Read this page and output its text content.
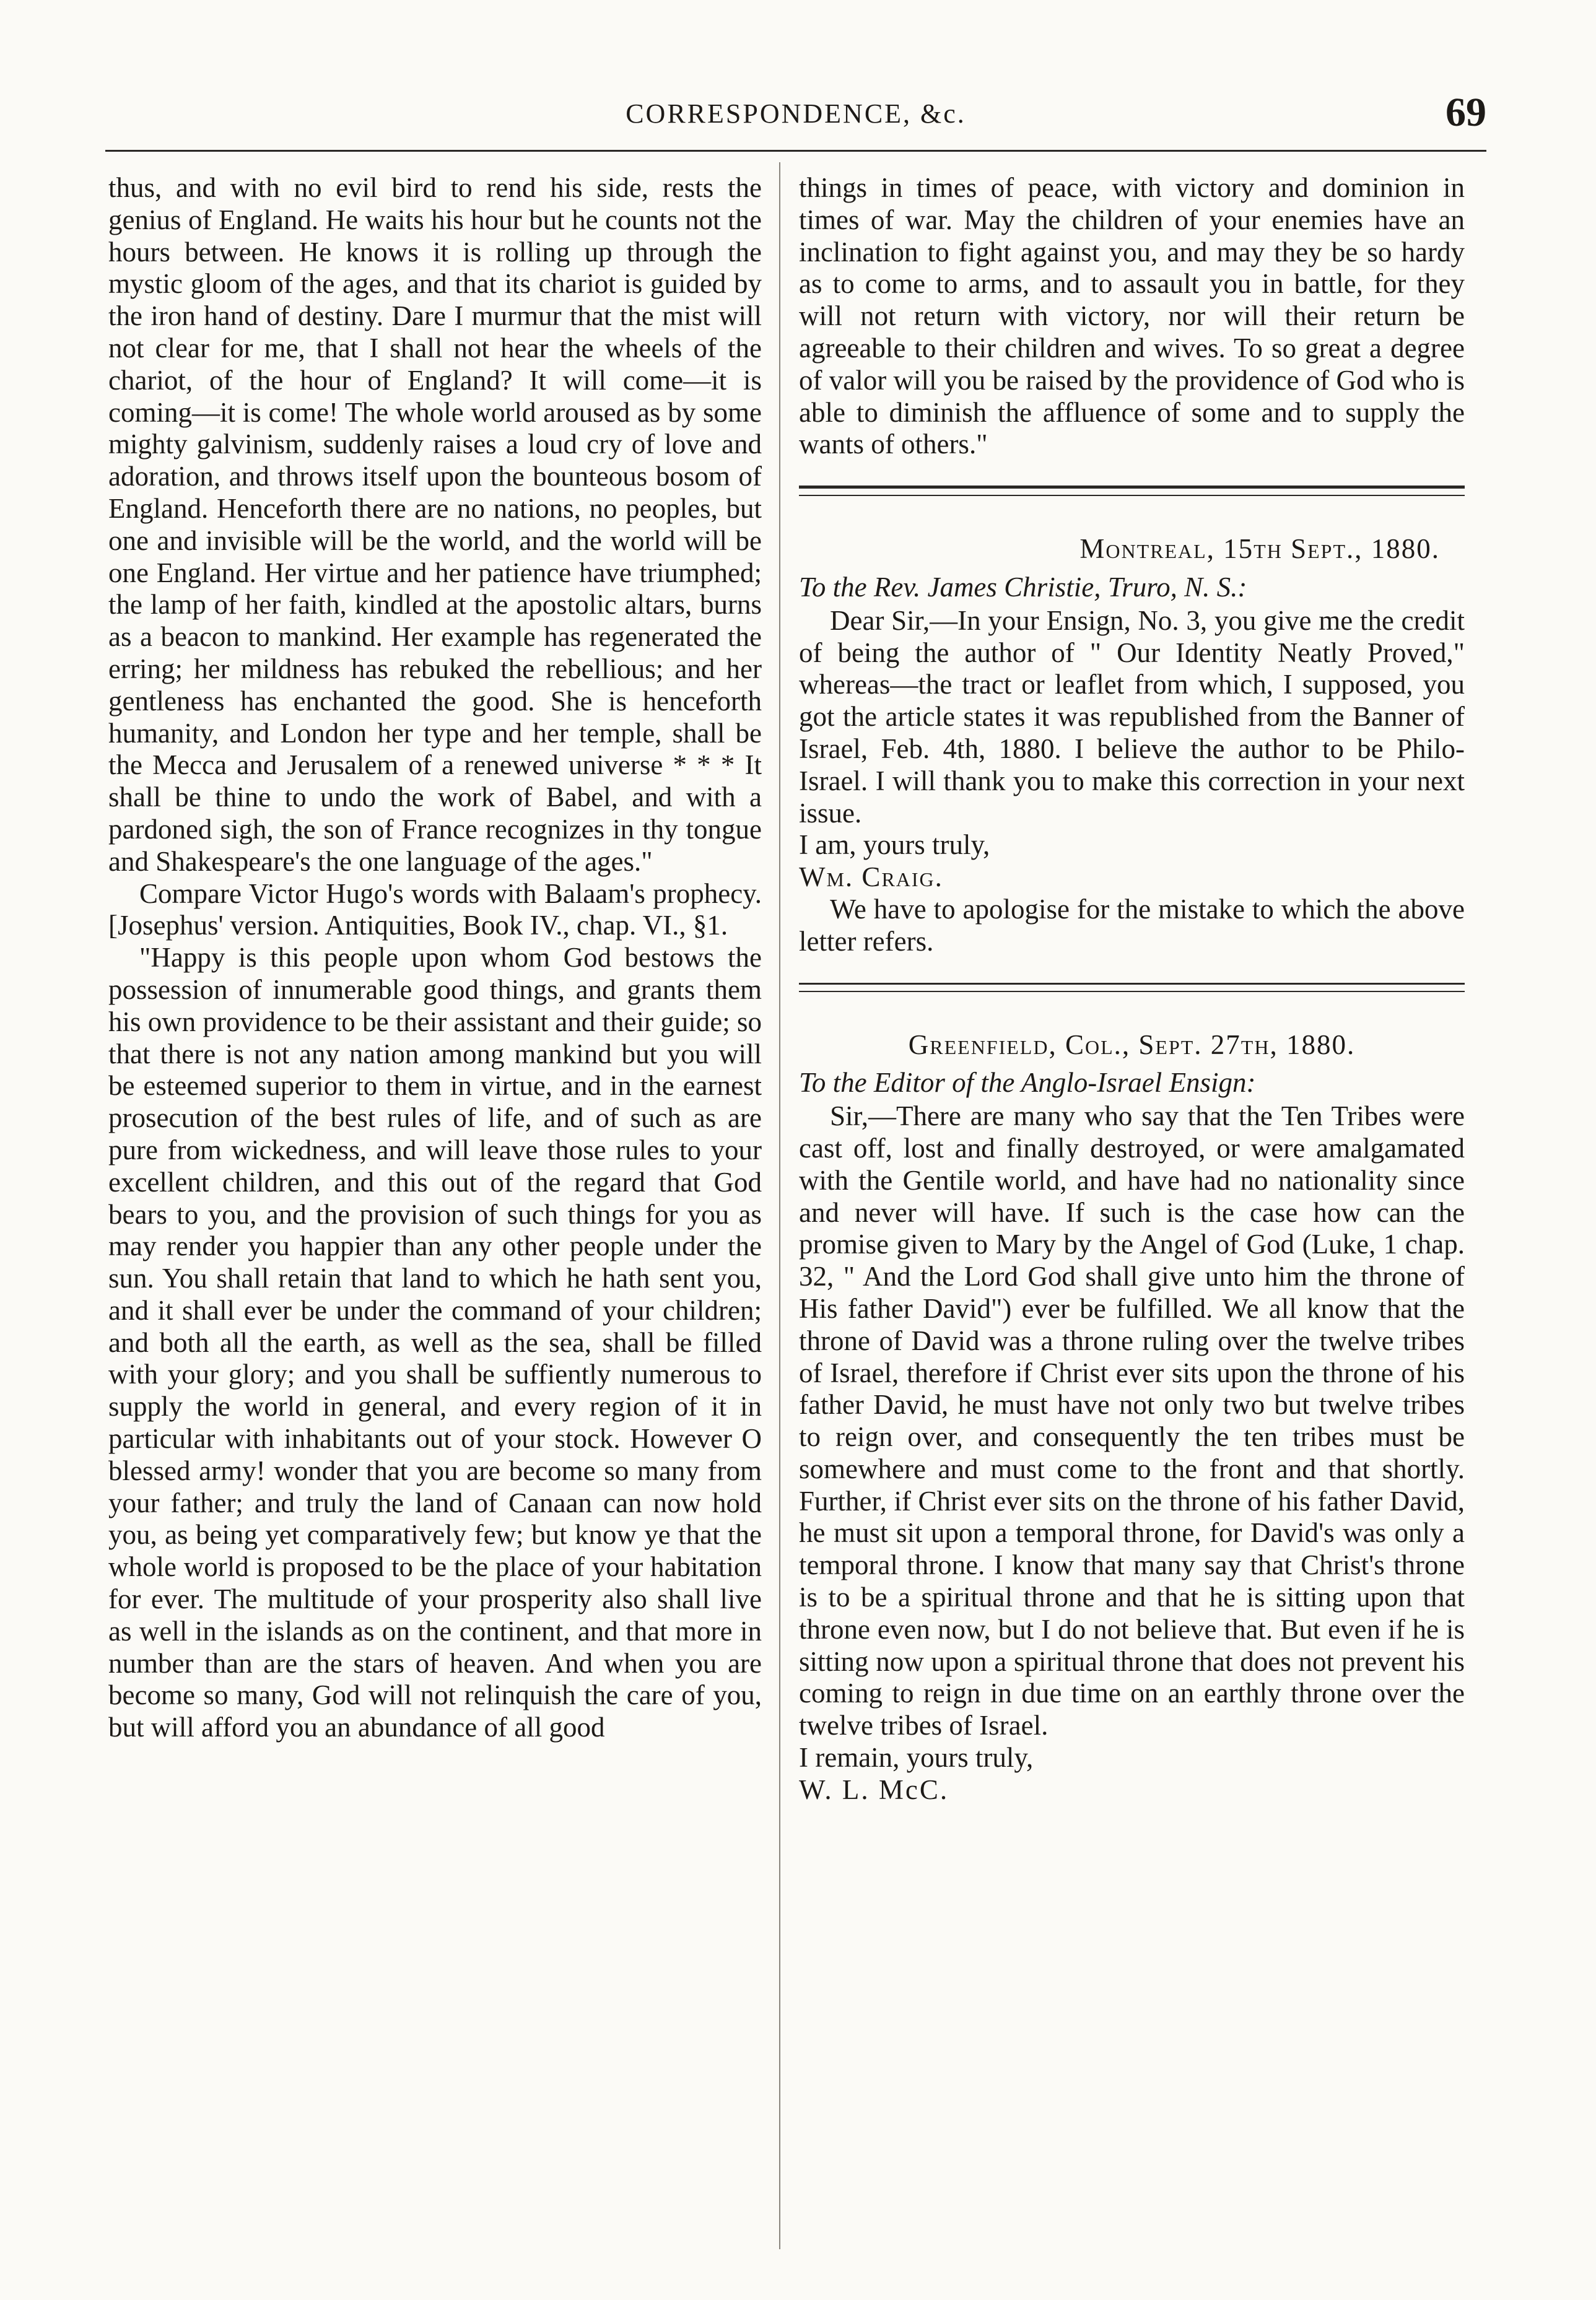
CORRESPONDENCE, &c.	69

thus, and with no evil bird to rend his side, rests the genius of England. He waits his hour but he counts not the hours between. He knows it is rolling up through the mystic gloom of the ages, and that its chariot is guided by the iron hand of destiny. Dare I murmur that the mist will not clear for me, that I shall not hear the wheels of the chariot, of the hour of England? It will come—it is coming—it is come! The whole world aroused as by some mighty galvinism, suddenly raises a loud cry of love and adoration, and throws itself upon the bounteous bosom of England. Henceforth there are no nations, no peoples, but one and invisible will be the world, and the world will be one England. Her virtue and her patience have triumphed; the lamp of her faith, kindled at the apostolic altars, burns as a beacon to mankind. Her example has regenerated the erring; her mildness has rebuked the rebellious; and her gentleness has enchanted the good. She is henceforth humanity, and London her type and her temple, shall be the Mecca and Jerusalem of a renewed universe * * * It shall be thine to undo the work of Babel, and with a pardoned sigh, the son of France recognizes in thy tongue and Shakespeare's the one language of the ages."

Compare Victor Hugo's words with Balaam's prophecy. [Josephus' version. Antiquities, Book IV., chap. VI., §1.

"Happy is this people upon whom God bestows the possession of innumerable good things, and grants them his own providence to be their assistant and their guide; so that there is not any nation among mankind but you will be esteemed superior to them in virtue, and in the earnest prosecution of the best rules of life, and of such as are pure from wickedness, and will leave those rules to your excellent children, and this out of the regard that God bears to you, and the provision of such things for you as may render you happier than any other people under the sun. You shall retain that land to which he hath sent you, and it shall ever be under the command of your children; and both all the earth, as well as the sea, shall be filled with your glory; and you shall be suffiently numerous to supply the world in general, and every region of it in particular with inhabitants out of your stock. However O blessed army! wonder that you are become so many from your father; and truly the land of Canaan can now hold you, as being yet comparatively few; but know ye that the whole world is proposed to be the place of your habitation for ever. The multitude of your prosperity also shall live as well in the islands as on the continent, and that more in number than are the stars of heaven. And when you are become so many, God will not relinquish the care of you, but will afford you an abundance of all good

things in times of peace, with victory and dominion in times of war. May the children of your enemies have an inclination to fight against you, and may they be so hardy as to come to arms, and to assault you in battle, for they will not return with victory, nor will their return be agreeable to their children and wives. To so great a degree of valor will you be raised by the providence of God who is able to diminish the affluence of some and to supply the wants of others."

Montreal, 15th Sept., 1880.
To the Rev. James Christie, Truro, N. S.:

Dear Sir,—In your Ensign, No. 3, you give me the credit of being the author of " Our Identity Neatly Proved," whereas—the tract or leaflet from which, I supposed, you got the article states it was republished from the Banner of Israel, Feb. 4th, 1880. I believe the author to be Philo-Israel. I will thank you to make this correction in your next issue.

I am, yours truly,

Wm. Craig.

We have to apologise for the mistake to which the above letter refers.

Greenfield, Col., Sept. 27th, 1880.
To the Editor of the Anglo-Israel Ensign:

Sir,—There are many who say that the Ten Tribes were cast off, lost and finally destroyed, or were amalgamated with the Gentile world, and have had no nationality since and never will have. If such is the case how can the promise given to Mary by the Angel of God (Luke, 1 chap. 32, " And the Lord God shall give unto him the throne of His father David") ever be fulfilled. We all know that the throne of David was a throne ruling over the twelve tribes of Israel, therefore if Christ ever sits upon the throne of his father David, he must have not only two but twelve tribes to reign over, and consequently the ten tribes must be somewhere and must come to the front and that shortly. Further, if Christ ever sits on the throne of his father David, he must sit upon a temporal throne, for David's was only a temporal throne. I know that many say that Christ's throne is to be a spiritual throne and that he is sitting upon that throne even now, but I do not believe that. But even if he is sitting now upon a spiritual throne that does not prevent his coming to reign in due time on an earthly throne over the twelve tribes of Israel.

I remain, yours truly,

W. L. McC.
